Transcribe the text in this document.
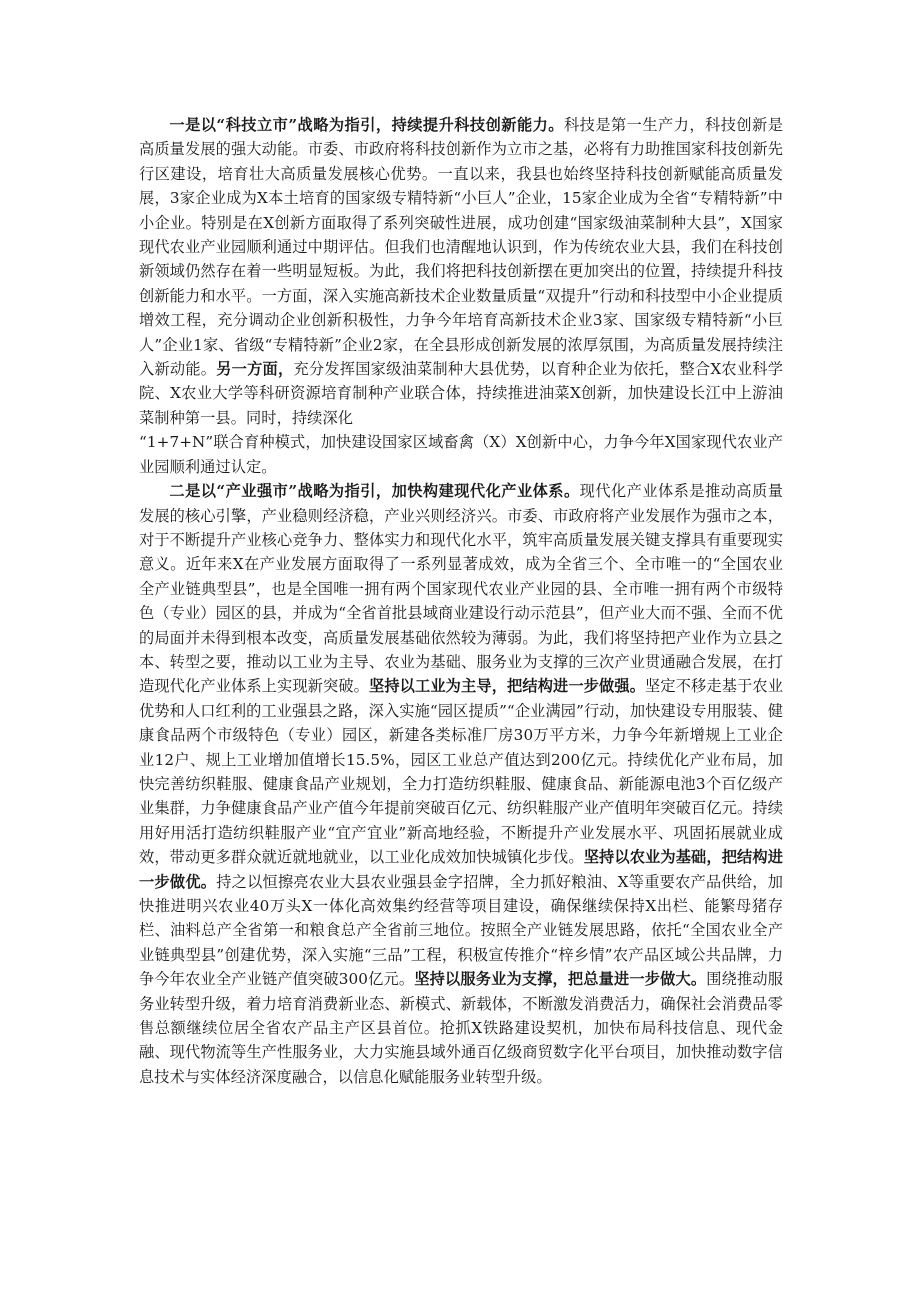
一是以“科技立市”战略为指引，持续提升科技创新能力。科技是第一生产力，科技创新是高质量发展的强大动能。市委、市政府将科技创新作为立市之基，必将有力助推国家科技创新先行区建设，培育壮大高质量发展核心优势。一直以来，我县也始终坚持科技创新赋能高质量发展，3家企业成为X本土培育的国家级专精特新“小巨人”企业，15家企业成为全省“专精特新”中小企业。特别是在X创新方面取得了系列突破性进展，成功创建“国家级油菜制种大县”，X国家现代农业产业园顺利通过中期评估。但我们也清醒地认识到，作为传统农业大县，我们在科技创新领域仍然存在着一些明显短板。为此，我们将把科技创新摆在更加突出的位置，持续提升科技创新能力和水平。一方面，深入实施高新技术企业数量质量“双提升”行动和科技型中小企业提质增效工程，充分调动企业创新积极性，力争今年培育高新技术企业3家、国家级专精特新“小巨人”企业1家、省级“专精特新”企业2家，在全县形成创新发展的浓厚氛围，为高质量发展持续注入新动能。另一方面，充分发挥国家级油菜制种大县优势，以育种企业为依托，整合X农业科学院、X农业大学等科研资源培育制种产业联合体，持续推进油菜X创新，加快建设长江中上游油菜制种第一县。同时，持续深化

“1+7+N”联合育种模式，加快建设国家区域畜禽（X）X创新中心，力争今年X国家现代农业产业园顺利通过认定。

二是以“产业强市”战略为指引，加快构建现代化产业体系。现代化产业体系是推动高质量发展的核心引擎，产业稳则经济稳，产业兴则经济兴。市委、市政府将产业发展作为强市之本，对于不断提升产业核心竞争力、整体实力和现代化水平，筑牢高质量发展关键支撑具有重要现实意义。近年来X在产业发展方面取得了一系列显著成效，成为全省三个、全市唯一的“全国农业全产业链典型县”，也是全国唯一拥有两个国家现代农业产业园的县、全市唯一拥有两个市级特色（专业）园区的县，并成为“全省首批县域商业建设行动示范县”，但产业大而不强、全而不优的局面并未得到根本改变，高质量发展基础依然较为薄弱。为此，我们将坚持把产业作为立县之本、转型之要，推动以工业为主导、农业为基础、服务业为支撑的三次产业贯通融合发展，在打造现代化产业体系上实现新突破。坚持以工业为主导，把结构进一步做强。坚定不移走基于农业优势和人口红利的工业强县之路，深入实施“园区提质”“企业满园”行动，加快建设专用服装、健康食品两个市级特色（专业）园区，新建各类标准厂房30万平方米，力争今年新增规上工业企业12户、规上工业增加值增长15.5%，园区工业总产值达到200亿元。持续优化产业布局，加快完善纺织鞋服、健康食品产业规划，全力打造纺织鞋服、健康食品、新能源电池3个百亿级产业集群，力争健康食品产业产值今年提前突破百亿元、纺织鞋服产业产值明年突破百亿元。持续用好用活打造纺织鞋服产业“宜产宜业”新高地经验，不断提升产业发展水平、巩固拓展就业成效，带动更多群众就近就地就业，以工业化成效加快城镇化步伐。坚持以农业为基础，把结构进一步做优。持之以恒擦亮农业大县农业强县金字招牌，全力抓好粮油、X等重要农产品供给，加快推进明兴农业40万头X一体化高效集约经营等项目建设，确保继续保持X出栏、能繁母猪存栏、油料总产全省第一和粮食总产全省前三地位。按照全产业链发展思路，依托“全国农业全产业链典型县”创建优势，深入实施“三品”工程，积极宣传推介“梓乡情”农产品区域公共品牌，力争今年农业全产业链产值突破300亿元。坚持以服务业为支撑，把总量进一步做大。围绕推动服务业转型升级，着力培育消费新业态、新模式、新载体，不断激发消费活力，确保社会消费品零售总额继续位居全省农产品主产区县首位。抢抓X铁路建设契机，加快布局科技信息、现代金融、现代物流等生产性服务业，大力实施县域外通百亿级商贸数字化平台项目，加快推动数字信息技术与实体经济深度融合，以信息化赋能服务业转型升级。
